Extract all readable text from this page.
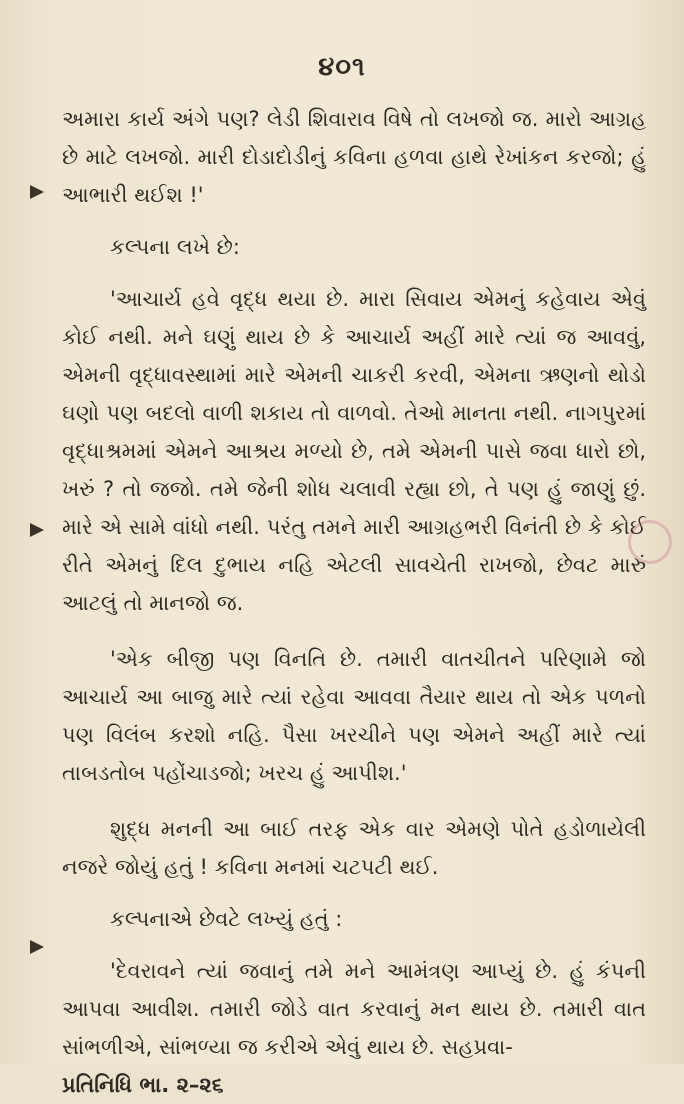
૪૦૧

અમારા કાર્ય અંગે પણ? લેડી શિવારાવ વિષે તો લખજો જ. મારો આગ્રહ છે માટે લખજો. મારી દોડાદોડીનું કવિના હળવા હાથે રેખાંકન કરજો; હું આભારી થઈશ !'

કલ્પના લખે છે:

'આચાર્ય હવે વૃદ્ધ થયા છે. મારા સિવાય એમનું કહેવાય એવું કોઈ નથી. મને ઘણું થાય છે કે આચાર્ય અહીં મારે ત્યાં જ આવવું, એમની વૃદ્ધાવસ્થામાં મારે એમની ચાકરી કરવી, એમના ઋણનો થોડો ઘણો પણ બદલો વાળી શકાય તો વાળવો. તેઓ માનતા નથી. નાગપુરમાં વૃદ્ધાશ્રમમાં એમને આશ્રય મળ્યો છે, તમે એમની પાસે જવા ધારો છો, ખરું ? તો જજો. તમે જેની શોધ ચલાવી રહ્યા છો, તે પણ હું જાણું છું. મારે એ સામે વાંધો નથી. પરંતુ તમને મારી આગ્રહભરી વિનંતી છે કે કોઈ રીતે એમનું દિલ દુભાય નહિ એટલી સાવચેતી રાખજો, છેવટ મારું આટલું તો માનજો જ.

'એક બીજી પણ વિનતિ છે. તમારી વાતચીતને પરિણામે જો આચાર્ય આ બાજુ મારે ત્યાં રહેવા આવવા તૈયાર થાય તો એક પળનો પણ વિલંબ કરશો નહિ. પૈસા ખરચીને પણ એમને અહીં મારે ત્યાં તાબડતોબ પહોંચાડજો; ખરચ હું આપીશ.'

શુદ્ધ મનની આ બાઈ તરફ એક વાર એમણે પોતે હડોળાયેલી નજરે જોયું હતું ! કવિના મનમાં ચટપટી થઈ.

કલ્પનાએ છેવટે લખ્યું હતું :

'દેવરાવને ત્યાં જવાનું તમે મને આમંત્રણ આપ્યું છે. હું કંપની આપવા આવીશ. તમારી જોડે વાત કરવાનું મન થાય છે. તમારી વાત સાંભળીએ, સાંભળ્યા જ કરીએ એવું થાય છે. સહપ્રવા-

પ્રતિનિધિ ભા. ૨–૨૬
